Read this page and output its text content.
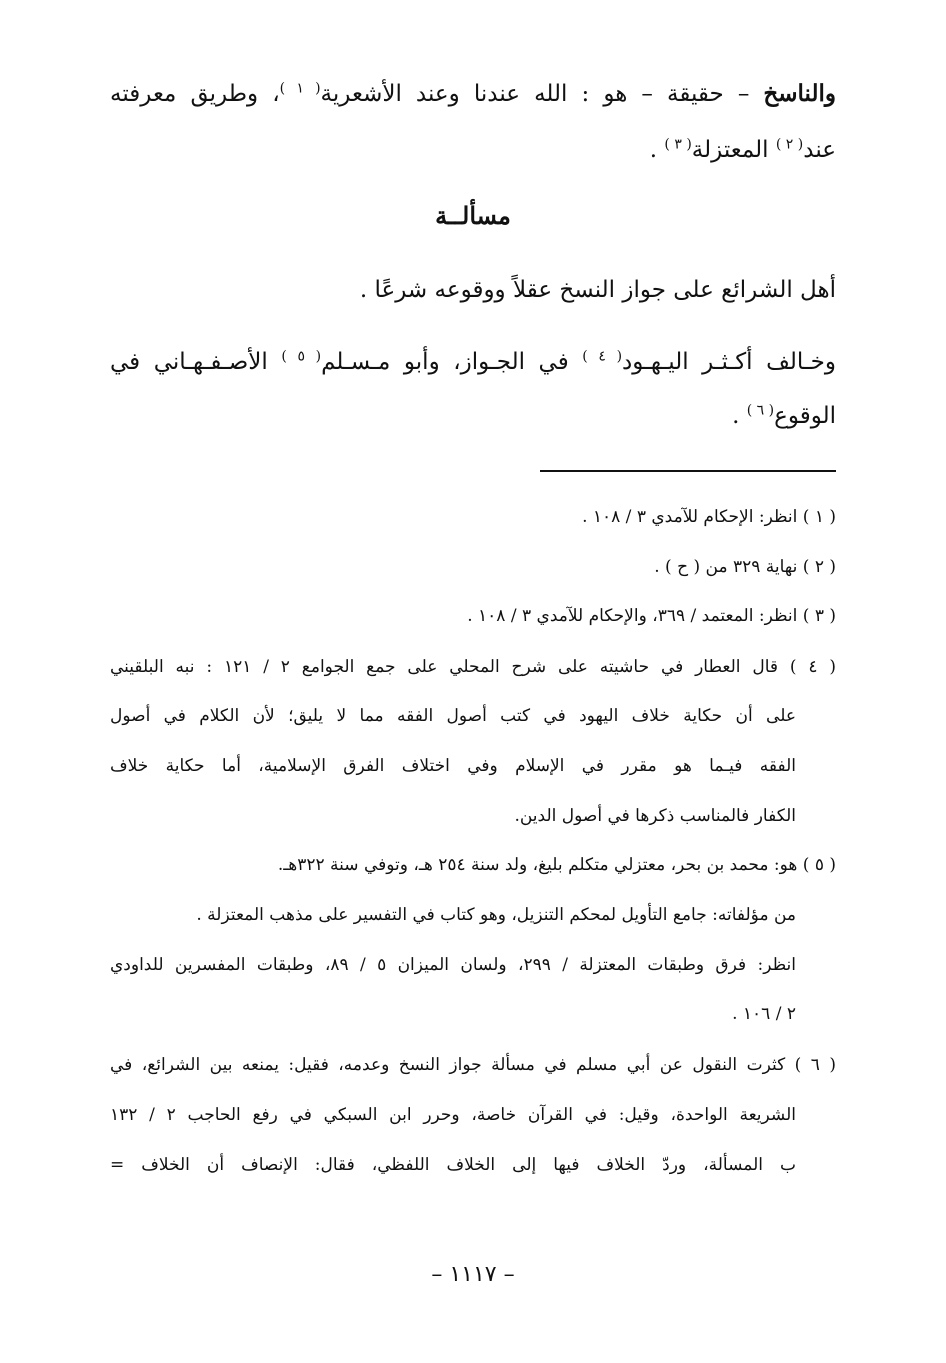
والناسخ – حقيقة – هو : الله عندنا وعند الأشعرية$^{( ١ )}$، وطريق معرفته
عند$^{( ٢ )}$ المعتزلة$^{( ٣ )}$ .
مسألــة
أهل الشرائع على جواز النسخ عقلاً ووقوعه شرعًا .
وخـالف أكـثـر اليـهـود$^{( ٤ )}$ في الجـواز، وأبو مـسـلم$^{( ٥ )}$ الأصـفـهـاني في
الوقوع$^{( ٦ )}$ .
( ١ ) انظر: الإحكام للآمدي ٣ / ١٠٨ .
( ٢ ) نهاية ٣٢٩ من ( ح ) .
( ٣ ) انظر: المعتمد / ٣٦٩، والإحكام للآمدي ٣ / ١٠٨ .
( ٤ ) قال العطار في حاشيته على شرح المحلي على جمع الجوامع ٢ / ١٢١ : نبه البلقيني
على أن حكاية خلاف اليهود في كتب أصول الفقه مما لا يليق؛ لأن الكلام في أصول
الفقه فيـما هو مقرر في الإسلام وفي اختلاف الفرق الإسلامية، أما حكاية خلاف
الكفار فالمناسب ذكرها في أصول الدين.
( ٥ ) هو: محمد بن بحر، معتزلي متكلم بليغ، ولد سنة ٢٥٤ هـ، وتوفي سنة ٣٢٢هـ.
من مؤلفاته: جامع التأويل لمحكم التنزيل، وهو كتاب في التفسير على مذهب المعتزلة .
انظر: فرق وطبقات المعتزلة / ٢٩٩، ولسان الميزان ٥ / ٨٩، وطبقات المفسرين للداودي
٢ / ١٠٦ .
( ٦ ) كثرت النقول عن أبي مسلم في مسألة جواز النسخ وعدمه، فقيل: يمنعه بين الشرائع، في
الشريعة الواحدة، وقيل: في القرآن خاصة، وحرر ابن السبكي في رفع الحاجب ٢ / ١٣٢
ب المسألة، وردّ الخلاف فيها إلى الخلاف اللفظي، فقال: الإنصاف أن الخلاف =
– ١١١٧ –
